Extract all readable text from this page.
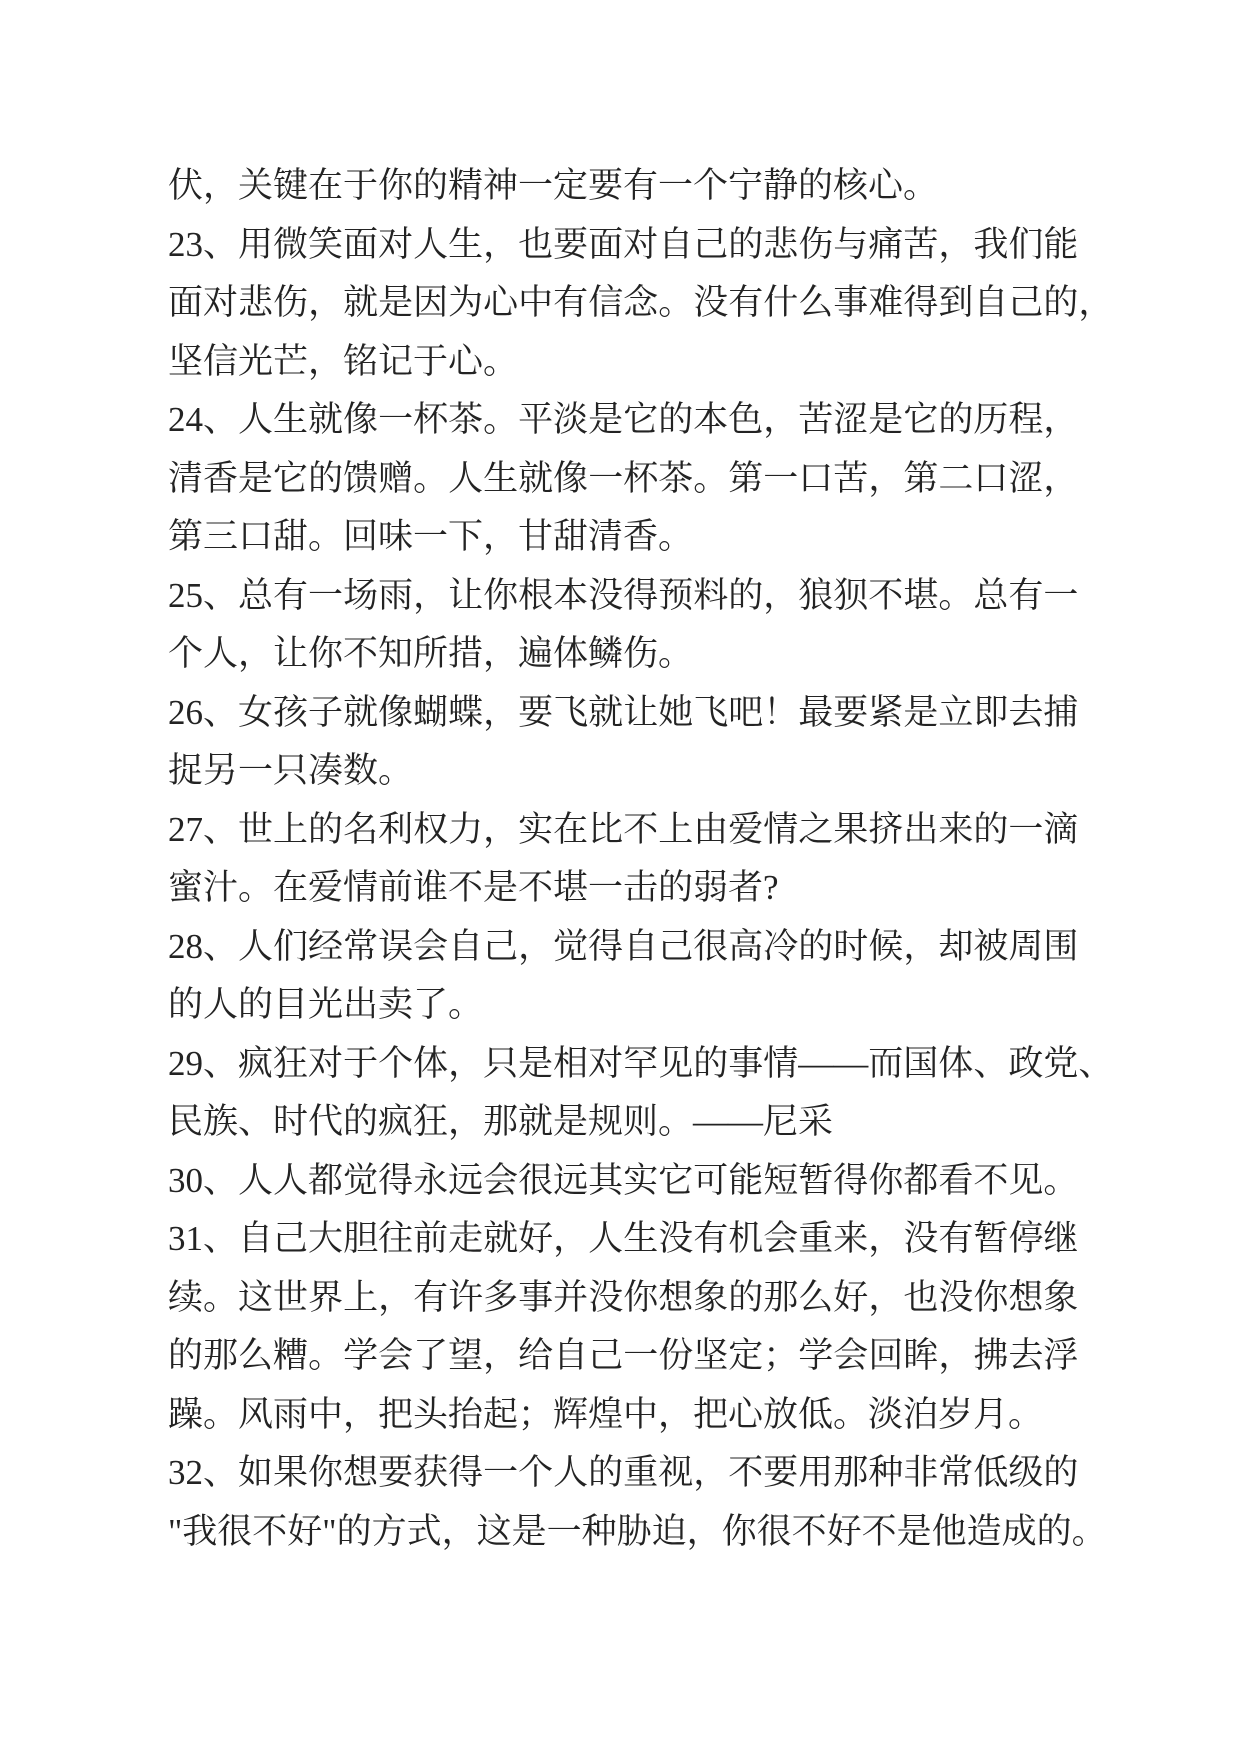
伏，关键在于你的精神一定要有一个宁静的核心。
2 3 、 用 微 笑 面 对 人 生 ， 也 要 面 对 自 己 的 悲 伤 与 痛 苦 ， 我 们 能
面 对 悲 伤 ， 就 是 因 为 心 中 有 信 念 。 没 有 什 么 事 难 得 到 自 己 的 ，
坚信光芒，铭记于心。
2 4 、 人 生 就 像 一 杯 茶 。 平 淡 是 它 的 本 色 ， 苦 涩 是 它 的 历 程 ，
清 香 是 它 的 馈 赠 。 人 生 就 像 一 杯 茶 。 第 一 口 苦 ， 第 二 口 涩 ，
第三口甜。回味一下，甘甜清香。
2 5 、 总 有 一 场 雨 ， 让 你 根 本 没 得 预 料 的 ， 狼 狈 不 堪 。 总 有 一
个人，让你不知所措，遍体鳞伤。
2 6 、 女 孩 子 就 像 蝴 蝶 ， 要 飞 就 让 她 飞 吧 ！ 最 要 紧 是 立 即 去 捕
捉另一只凑数。
2 7 、 世 上 的 名 利 权 力 ， 实 在 比 不 上 由 爱 情 之 果 挤 出 来 的 一 滴
蜜汁。在爱情前谁不是不堪一击的弱者?
2 8 、 人 们 经 常 误 会 自 己 ， 觉 得 自 己 很 高 冷 的 时 候 ， 却 被 周 围
的人的目光出卖了。
2 9 、 疯 狂 对 于 个 体 ， 只 是 相 对 罕 见 的 事 情 — — 而 国 体 、 政 党 、
民族、时代的疯狂，那就是规则。——尼采
3 0 、 人 人 都 觉 得 永 远 会 很 远 其 实 它 可 能 短 暂 得 你 都 看 不 见 。
3 1 、 自 己 大 胆 往 前 走 就 好 ， 人 生 没 有 机 会 重 来 ， 没 有 暂 停 继
续 。 这 世 界 上 ， 有 许 多 事 并 没 你 想 象 的 那 么 好 ， 也 没 你 想 象
的 那 么 糟 。 学 会 了 望 ， 给 自 己 一 份 坚 定 ； 学 会 回 眸 ， 拂 去 浮
躁。风雨中，把头抬起；辉煌中，把心放低。淡泊岁月。
3 2 、 如 果 你 想 要 获 得 一 个 人 的 重 视 ， 不 要 用 那 种 非 常 低 级 的
"我很不好"的方式，这是一种胁迫，你很不好不是他造成的。
